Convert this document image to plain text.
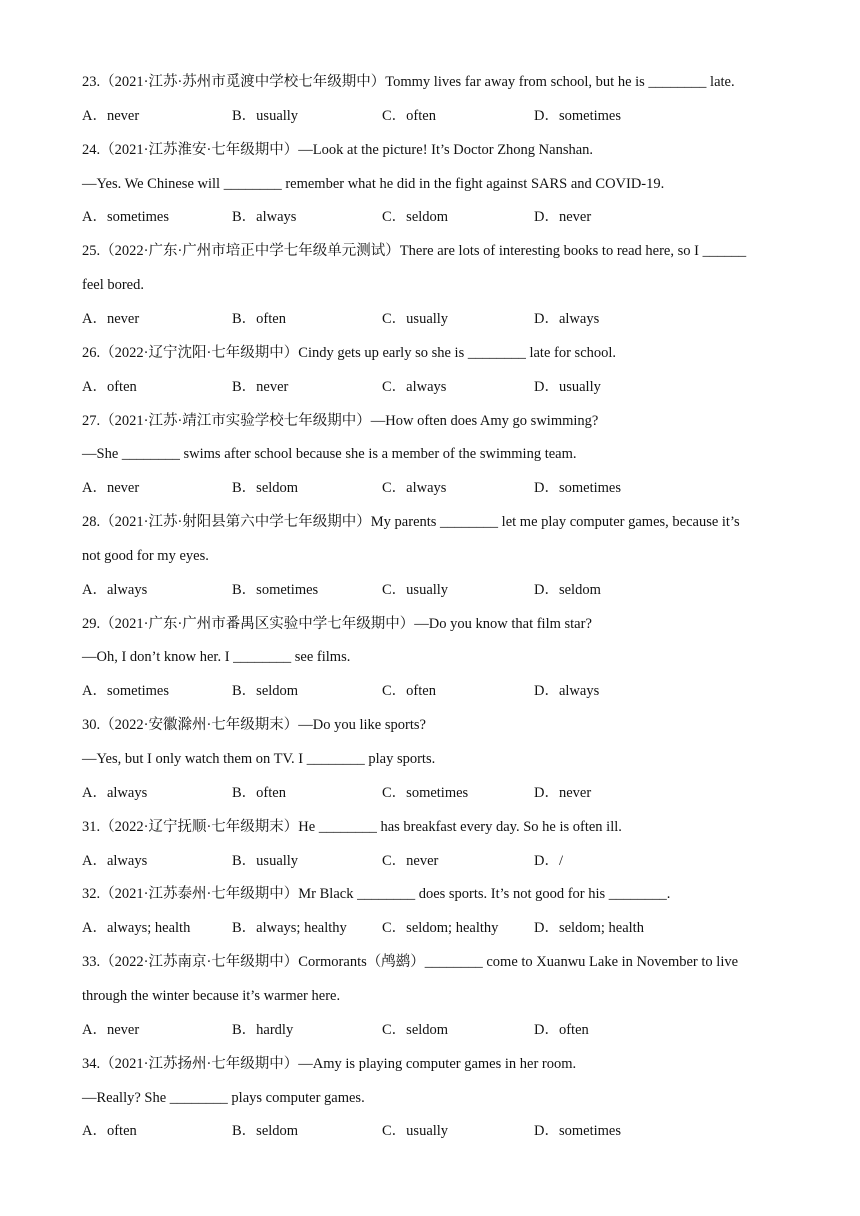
23.（2021·江苏·苏州市觅渡中学校七年级期中）Tommy lives far away from school, but he is ________ late.
A．never	B．usually	C．often	D．sometimes
24.（2021·江苏淮安·七年级期中）—Look at the picture! It’s Doctor Zhong Nanshan.
—Yes. We Chinese will ________ remember what he did in the fight against SARS and COVID-19.
A．sometimes	B．always	C．seldom	D．never
25.（2022·广东·广州市培正中学七年级单元测试）There are lots of interesting books to read here, so I ______
feel bored.
A．never	B．often	C．usually	D．always
26.（2022·辽宁沈阳·七年级期中）Cindy gets up early so she is ________ late for school.
A．often	B．never	C．always	D．usually
27.（2021·江苏·靖江市实验学校七年级期中）—How often does Amy go swimming?
—She ________ swims after school because she is a member of the swimming team.
A．never	B．seldom	C．always	D．sometimes
28.（2021·江苏·射阳县第六中学七年级期中）My parents ________ let me play computer games, because it’s
not good for my eyes.
A．always	B．sometimes	C．usually	D．seldom
29.（2021·广东·广州市番禺区实验中学七年级期中）—Do you know that film star?
—Oh, I don’t know her. I ________ see films.
A．sometimes	B．seldom	C．often	D．always
30.（2022·安徽滁州·七年级期末）—Do you like sports?
—Yes, but I only watch them on TV. I ________ play sports.
A．always	B．often	C．sometimes	D．never
31.（2022·辽宁抚顺·七年级期末）He ________ has breakfast every day. So he is often ill.
A．always	B．usually	C．never	D．/
32.（2021·江苏泰州·七年级期中）Mr Black ________ does sports. It’s not good for his ________.
A．always; health	B．always; healthy C．seldom; healthy D．seldom; health
33.（2022·江苏南京·七年级期中）Cormorants（鸬鹚）________ come to Xuanwu Lake in November to live
through the winter because it’s warmer here.
A．never	B．hardly	C．seldom	D．often
34.（2021·江苏扬州·七年级期中）—Amy is playing computer games in her room.
—Really? She ________ plays computer games.
A．often	B．seldom	C．usually	D．sometimes
